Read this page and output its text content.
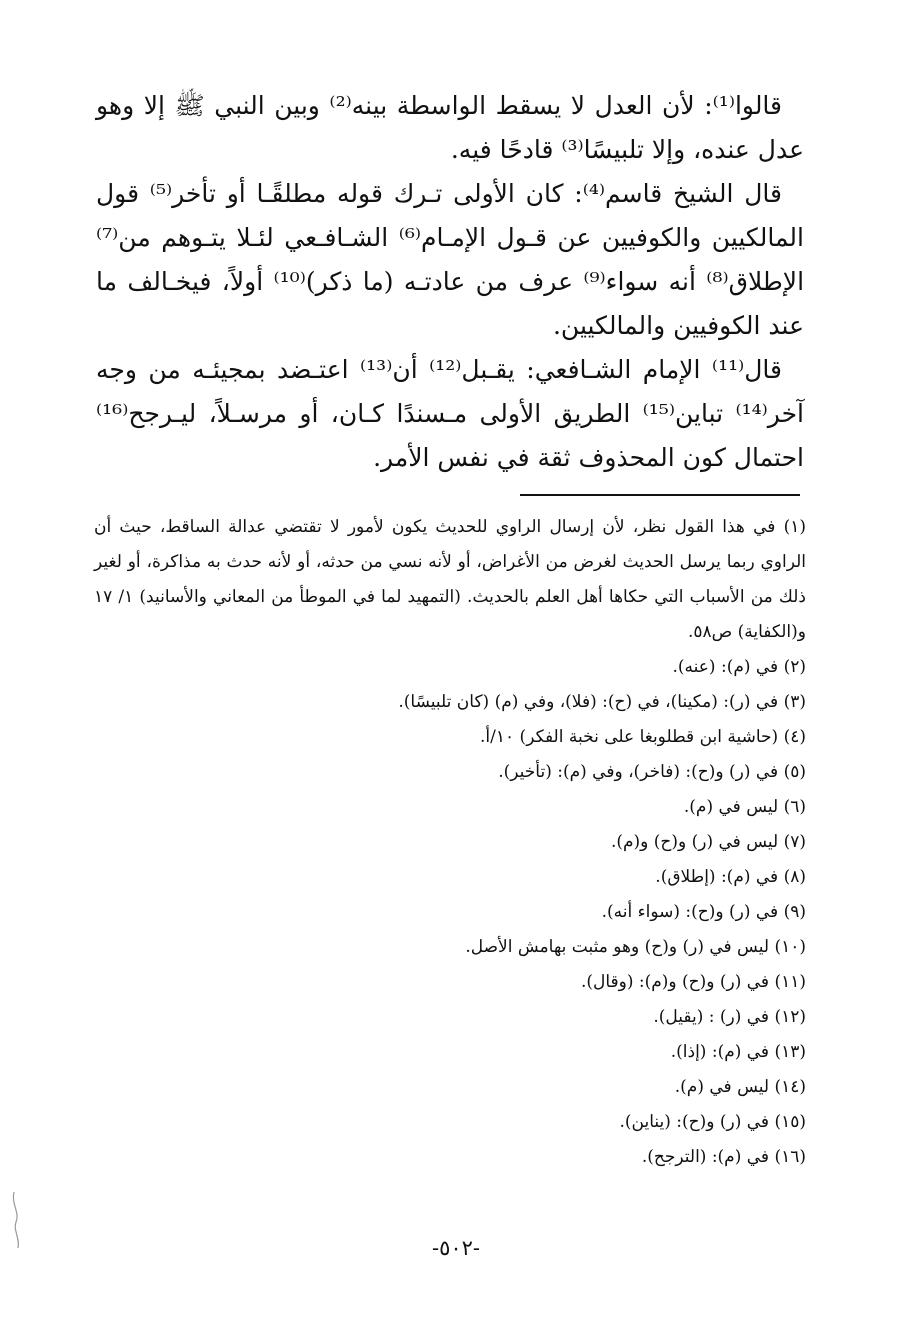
قالوا⁽¹⁾: لأن العدل لا يسقط الواسطة بينه⁽²⁾ وبين النبي ﷺ إلا وهو عدل عنده، وإلا تلبيسًا⁽³⁾ قادحًا فيه.

قال الشيخ قاسم⁽⁴⁾: كان الأولى تـرك قوله مطلقًـا أو تأخر⁽⁵⁾ قول المالكيين والكوفيين عن قـول الإمـام⁽⁶⁾ الشـافـعي لئـلا يتـوهم من⁽⁷⁾ الإطلاق⁽⁸⁾ أنه سواء⁽⁹⁾ عرف من عادتـه (ما ذكر)⁽¹⁰⁾ أولاً، فيخـالف ما عند الكوفيين والمالكيين.

قال⁽¹¹⁾ الإمام الشـافعي: يقـبل⁽¹²⁾ أن⁽¹³⁾ اعتـضد بمجيئـه من وجه آخر⁽¹⁴⁾ تباين⁽¹⁵⁾ الطريق الأولى مـسندًا كـان، أو مرسـلاً، ليـرجح⁽¹⁶⁾ احتمال كون المحذوف ثقة في نفس الأمر.

(١) في هذا القول نظر، لأن إرسال الراوي للحديث يكون لأمور لا تقتضي عدالة الساقط، حيث أن الراوي ربما يرسل الحديث لغرض من الأغراض، أو لأنه نسي من حدثه، أو لأنه حدث به مذاكرة، أو لغير ذلك من الأسباب التي حكاها أهل العلم بالحديث. (التمهيد لما في الموطأ من المعاني والأسانيد) ١/ ١٧ و(الكفاية) ص٥٨.

(٢) في (م): (عنه).

(٣) في (ر): (مكينا)، في (ح): (فلا)، وفي (م) (كان تلبيسًا).

(٤) (حاشية ابن قطلوبغا على نخبة الفكر) ١٠/أ.

(٥) في (ر) و(ح): (فاخر)، وفي (م): (تأخير).

(٦) ليس في (م).

(٧) ليس في (ر) و(ح) و(م).

(٨) في (م): (إطلاق).

(٩) في (ر) و(ح): (سواء أنه).

(١٠) ليس في (ر) و(ح) وهو مثبت بهامش الأصل.

(١١) في (ر) و(ح) و(م): (وقال).

(١٢) في (ر) : (يقيل).

(١٣) في (م): (إذا).

(١٤) ليس في (م).

(١٥) في (ر) و(ح): (يناين).

(١٦) في (م): (الترجح).

-٥٠٢-
